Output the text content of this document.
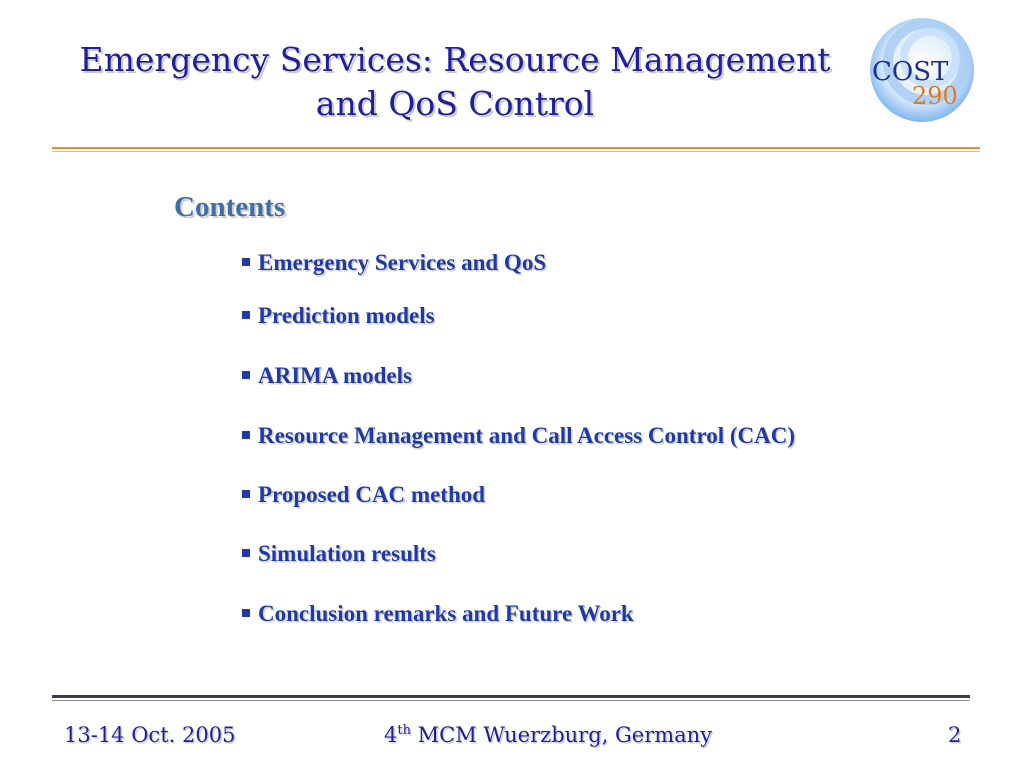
Emergency Services: Resource Management
and QoS Control
COST
290
Contents
Emergency Services and QoS
Prediction models
ARIMA models
Resource Management and Call Access Control (CAC)
Proposed CAC method
Simulation results
Conclusion remarks and Future Work
13-14 Oct. 2005	4th MCM Wuerzburg, Germany	2
